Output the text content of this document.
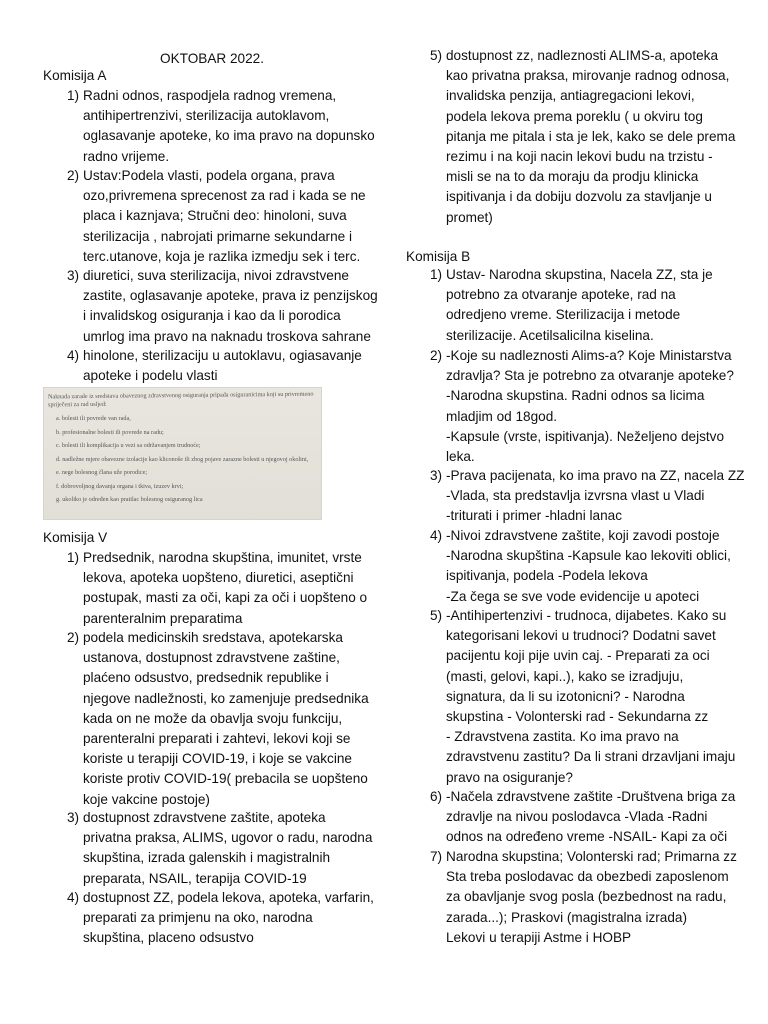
OKTOBAR 2022.
Komisija A
1) Radni odnos, raspodjela radnog vremena,
antihipertrenzivi, sterilizacija autoklavom,
oglasavanje apoteke, ko ima pravo na dopunsko
radno vrijeme.
2) Ustav:Podela vlasti, podela organa, prava
ozo,privremena sprecenost za rad i kada se ne
placa i kaznjava; Stručni deo: hinoloni, suva
sterilizacija , nabrojati primarne sekundarne i
terc.utanove, koja je razlika izmedju sek i terc.
3) diuretici, suva sterilizacija, nivoi zdravstvene
zastite, oglasavanje apoteke, prava iz penzijskog
i invalidskog osiguranja i kao da li porodica
umrlog ima pravo na naknadu troskova sahrane
4) hinolone, sterilizaciju u autoklavu, ogiasavanje
apoteke i podelu vlasti
1) Predsednik, narodna skupština, imunitet, vrste
lekova, apoteka uopšteno, diuretici, aseptični
postupak, masti za oči, kapi za oči i uopšteno o
parenteralnim preparatima
2) podela medicinskih sredstava, apotekarska
ustanova, dostupnost zdravstvene zaštine,
plaćeno odsustvo, predsednik republike i
njegove nadležnosti, ko zamenjuje predsednika
kada on ne može da obavlja svoju funkciju,
parenteralni preparati i zahtevi, lekovi koji se
koriste u terapiji COVID-19, i koje se vakcine
koriste protiv COVID-19( prebacila se uopšteno
koje vakcine postoje)
3) dostupnost zdravstvene zaštite, apoteka
privatna praksa, ALIMS, ugovor o radu, narodna
skupština, izrada galenskih i magistralnih
preparata, NSAIL, terapija COVID-19
4) dostupnost ZZ, podela lekova, apoteka, varfarin,
preparati za primjenu na oko, narodna
skupština, placeno odsustvo
Komisija V
Naknada zarade iz sredstava obaveznog zdravstvenog osiguranja pripada osiguranicima koji su privremeno spriječeni za rad usljed:
a. bolesti ili povrede van rada,
b. profesionalne bolesti ili povrede na radu;
c. bolesti ili komplikacija u vezi sa održavanjem trudnoće;
d. nadležne mjere obavezne izolacije kao kliconoše ili zbog pojave zarazne bolesti u njegovoj okolini,
e. nege bolesnog člana uže porodice;
f. dobrovoljnog davanja organa i tkiva, izuzev krvi;
g. ukoliko je određen kao pratilac bolesnog osiguranog lica
5) dostupnost zz, nadleznosti ALIMS-a, apoteka
kao privatna praksa, mirovanje radnog odnosa,
invalidska penzija, antiagregacioni lekovi,
podela lekova prema poreklu ( u okviru tog
pitanja me pitala i sta je lek, kako se dele prema
rezimu i na koji nacin lekovi budu na trzistu -
misli se na to da moraju da prodju klinicka
ispitivanja i da dobiju dozvolu za stavljanje u
promet)
Komisija B
1) Ustav- Narodna skupstina, Nacela ZZ, sta je
potrebno za otvaranje apoteke, rad na
odredjeno vreme. Sterilizacija i metode
sterilizacije. Acetilsalicilna kiselina.
2) -Koje su nadleznosti Alims-a? Koje Ministarstva
zdravlja? Sta je potrebno za otvaranje apoteke?
-Narodna skupstina. Radni odnos sa licima
mladjim od 18god.
-Kapsule (vrste, ispitivanja). Neželjeno dejstvo
leka.
3) -Prava pacijenata, ko ima pravo na ZZ, nacela ZZ
-Vlada, sta predstavlja izvrsna vlast u Vladi
-triturati i primer -hladni lanac
4) -Nivoi zdravstvene zaštite, koji zavodi postoje
-Narodna skupština -Kapsule kao lekoviti oblici,
ispitivanja, podela -Podela lekova
-Za čega se sve vode evidencije u apoteci
5) -Antihipertenzivi - trudnoca, dijabetes. Kako su
kategorisani lekovi u trudnoci? Dodatni savet
pacijentu koji pije uvin caj. - Preparati za oci
(masti, gelovi, kapi..), kako se izradjuju,
signatura, da li su izotonicni? - Narodna
skupstina - Volonterski rad - Sekundarna zz
- Zdravstvena zastita. Ko ima pravo na
zdravstvenu zastitu? Da li strani drzavljani imaju
pravo na osiguranje?
6) -Načela zdravstvene zaštite -Društvena briga za
zdravlje na nivou poslodavca -Vlada -Radni
odnos na određeno vreme -NSAIL- Kapi za oči
7) Narodna skupstina; Volonterski rad; Primarna zz
Sta treba poslodavac da obezbedi zaposlenom
za obavljanje svog posla (bezbednost na radu,
zarada...); Praskovi (magistralna izrada)
Lekovi u terapiji Astme i HOBP
